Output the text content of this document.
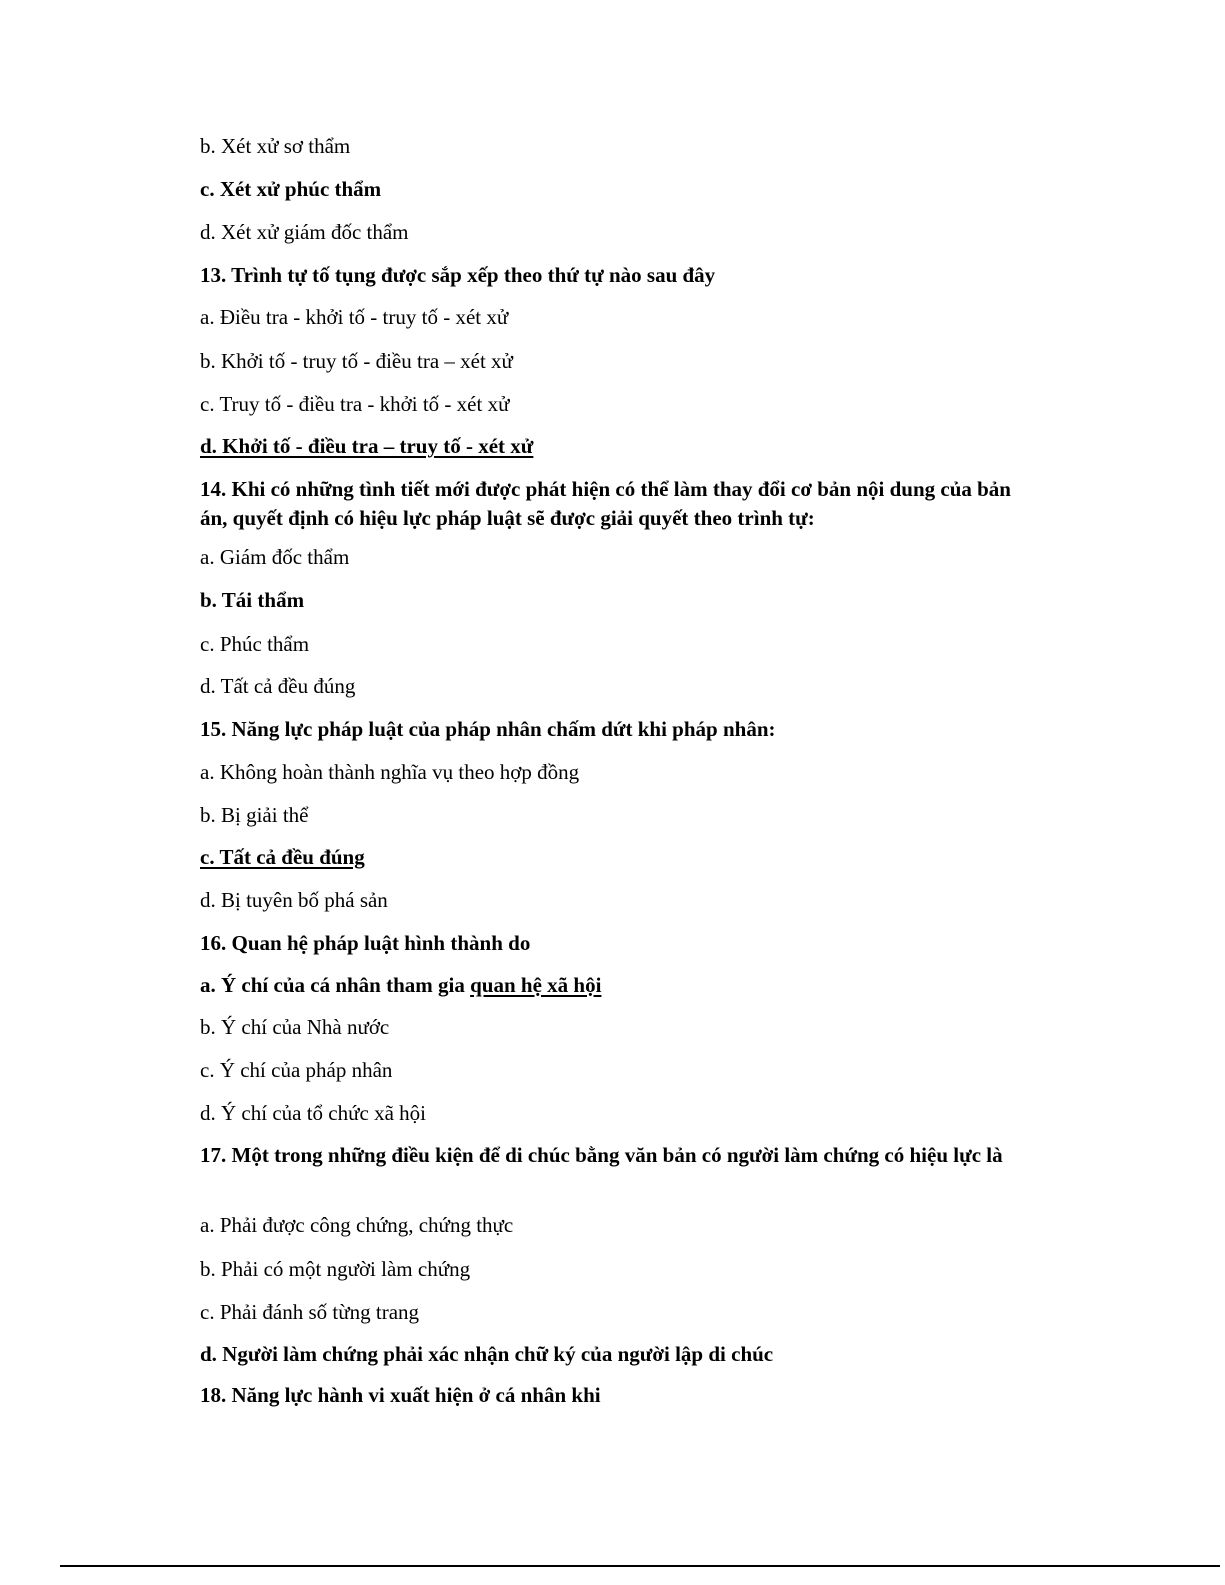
b. Xét xử sơ thẩm
c. Xét xử phúc thẩm
d. Xét xử giám đốc thẩm
13. Trình tự tố tụng được sắp xếp theo thứ tự nào sau đây
a. Điều tra - khởi tố - truy tố - xét xử
b. Khởi tố - truy tố - điều tra – xét xử
c. Truy tố - điều tra - khởi tố - xét xử
d. Khởi tố - điều tra – truy tố - xét xử
14. Khi có những tình tiết mới được phát hiện có thể làm thay đổi cơ bản nội dung của bản án, quyết định có hiệu lực pháp luật sẽ được giải quyết theo trình tự:
a. Giám đốc thẩm
b. Tái thẩm
c. Phúc thẩm
d. Tất cả đều đúng
15. Năng lực pháp luật của pháp nhân chấm dứt khi pháp nhân:
a. Không hoàn thành nghĩa vụ theo hợp đồng
b. Bị giải thể
c. Tất cả đều đúng
d. Bị tuyên bố phá sản
16. Quan hệ pháp luật hình thành do
a. Ý chí của cá nhân tham gia quan hệ xã hội
b. Ý chí của Nhà nước
c. Ý chí của pháp nhân
d. Ý chí của tổ chức xã hội
17. Một trong những điều kiện để di chúc bằng văn bản có người làm chứng có hiệu lực là
a. Phải được công chứng, chứng thực
b. Phải có một người làm chứng
c. Phải đánh số từng trang
d. Người làm chứng phải xác nhận chữ ký của người lập di chúc
18. Năng lực hành vi xuất hiện ở cá nhân khi
